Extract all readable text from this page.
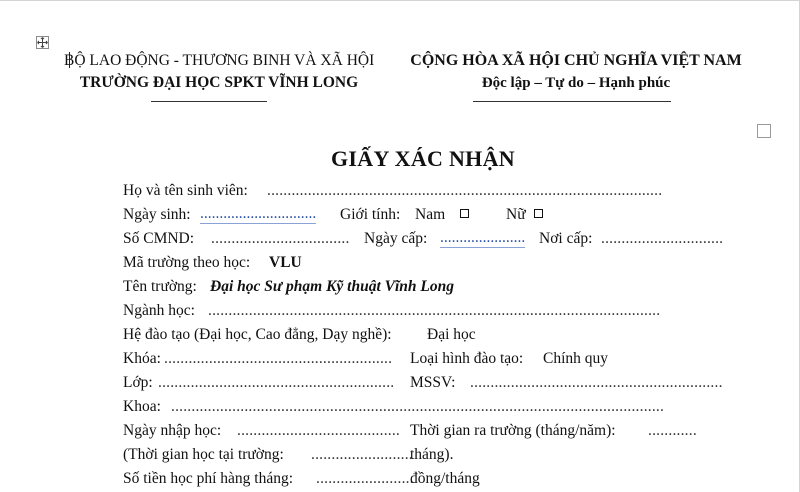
BỘ LAO ĐỘNG - THƯƠNG BINH VÀ XÃ HỘI
TRƯỜNG ĐẠI HỌC SPKT VĨNH LONG
CỘNG HÒA XÃ HỘI CHỦ NGHĨA VIỆT NAM
Độc lập – Tự do – Hạnh phúc
GIẤY XÁC NHẬN
Họ và tên sinh viên: .................................................................................................
Ngày sinh: .............................. Giới tính: Nam	Nữ
Số CMND: .................................. Ngày cấp: ...................... Nơi cấp: ..............................
Mã trường theo học: VLU
Tên trường: Đại học Sư phạm Kỹ thuật Vĩnh Long
Ngành học: ...............................................................................................................
Hệ đào tạo (Đại học, Cao đẳng, Dạy nghề): Đại học
Khóa: ........................................................ Loại hình đào tạo: Chính quy
Lớp: .......................................................... MSSV: ..............................................................
Khoa: .........................................................................................................................
Ngày nhập học: ........................................ Thời gian ra trường (tháng/năm): ............
(Thời gian học tại trường: .........................
tháng).
Số tiền học phí hàng tháng: ........................
đồng/tháng
